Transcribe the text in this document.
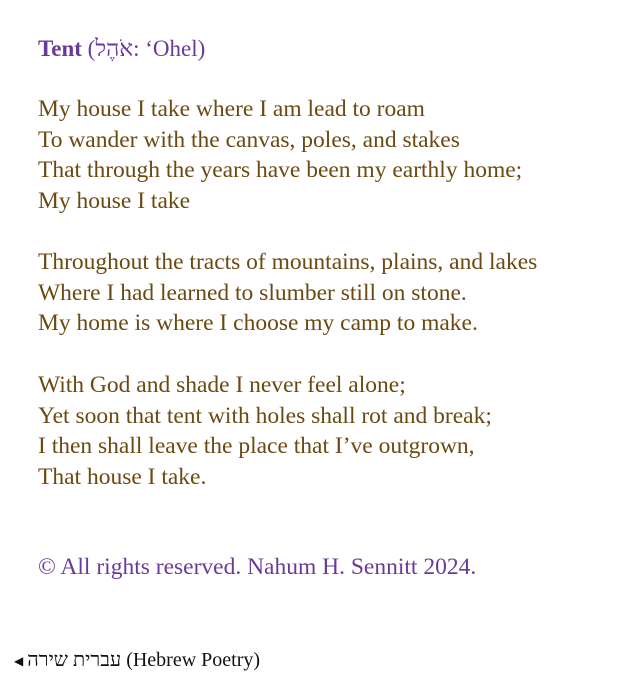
Tent (אֹהֶל: ‘Ohel)
My house I take where I am lead to roam
To wander with the canvas, poles, and stakes
That through the years have been my earthly home;
My house I take
Throughout the tracts of mountains, plains, and lakes
Where I had learned to slumber still on stone.
My home is where I choose my camp to make.
With God and shade I never feel alone;
Yet soon that tent with holes shall rot and break;
I then shall leave the place that I’ve outgrown,
That house I take.
© All rights reserved. Nahum H. Sennitt 2024.
◀ עברית שירה (Hebrew Poetry)
